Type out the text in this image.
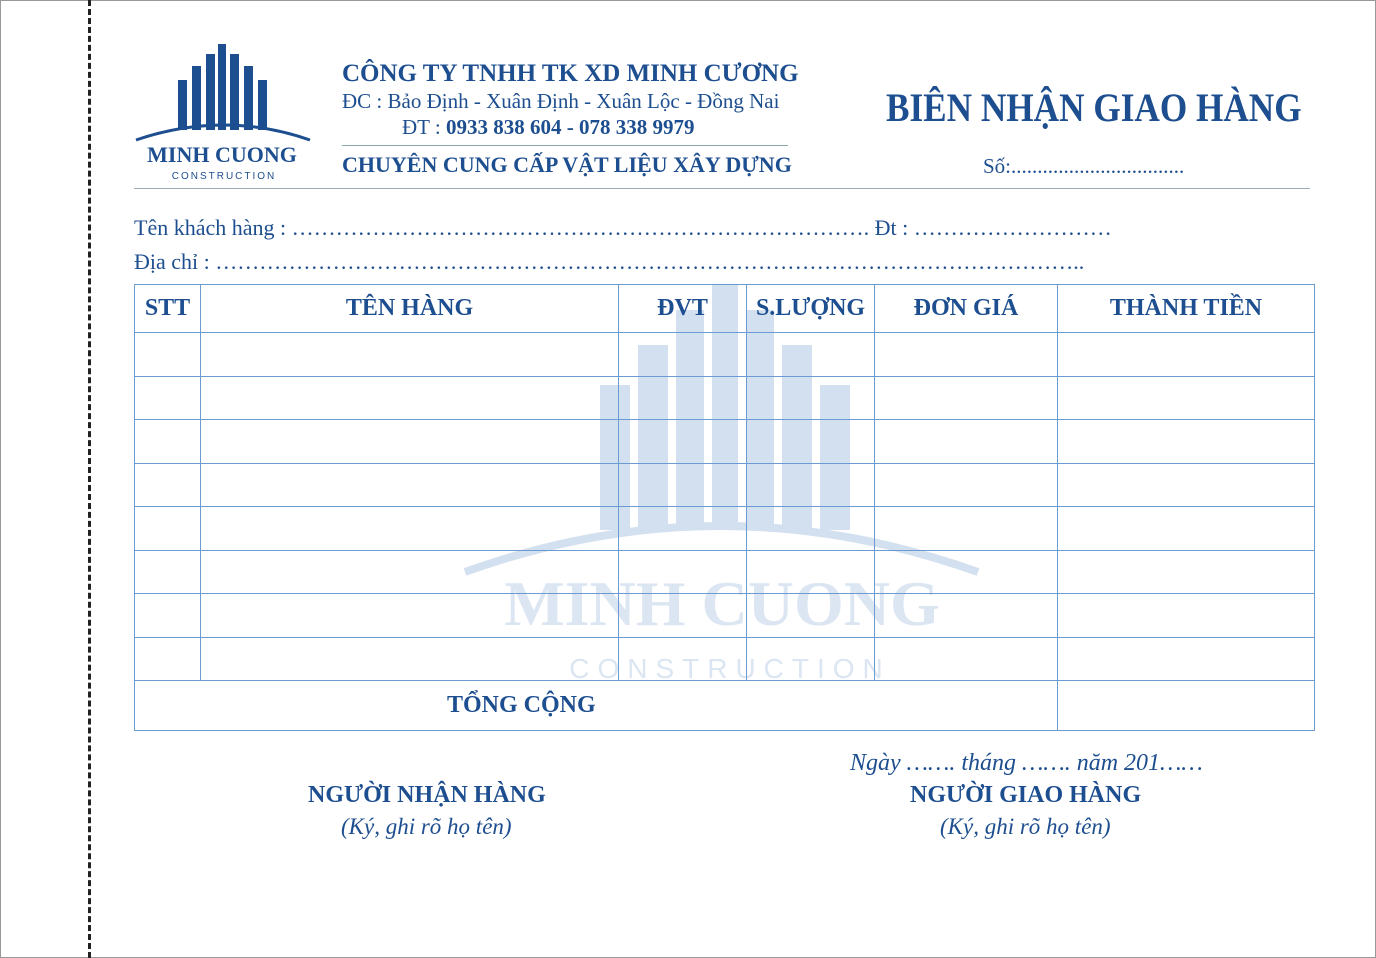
MINH CUONG
CONSTRUCTION
CÔNG TY TNHH TK XD MINH CƯƠNG
ĐC : Bảo Định - Xuân Định - Xuân Lộc - Đồng Nai
ĐT : 0933 838 604 - 078 338 9979
CHUYÊN CUNG CẤP VẬT LIỆU XÂY DỰNG
BIÊN NHẬN GIAO HÀNG
Số:.................................
Tên khách hàng : ……………………………………………………………………. Đt : ………………………
Địa chỉ : ………………………………………………………………………………………………………..
MINH CUONG
CONSTRUCTION
STT	TÊN HÀNG	ĐVT	S.LƯỢNG	ĐƠN GIÁ	THÀNH TIỀN

TỔNG CỘNG					
Ngày ……. tháng ……. năm 201……
NGƯỜI NHẬN HÀNG
(Ký, ghi rõ họ tên)
NGƯỜI GIAO HÀNG
(Ký, ghi rõ họ tên)
